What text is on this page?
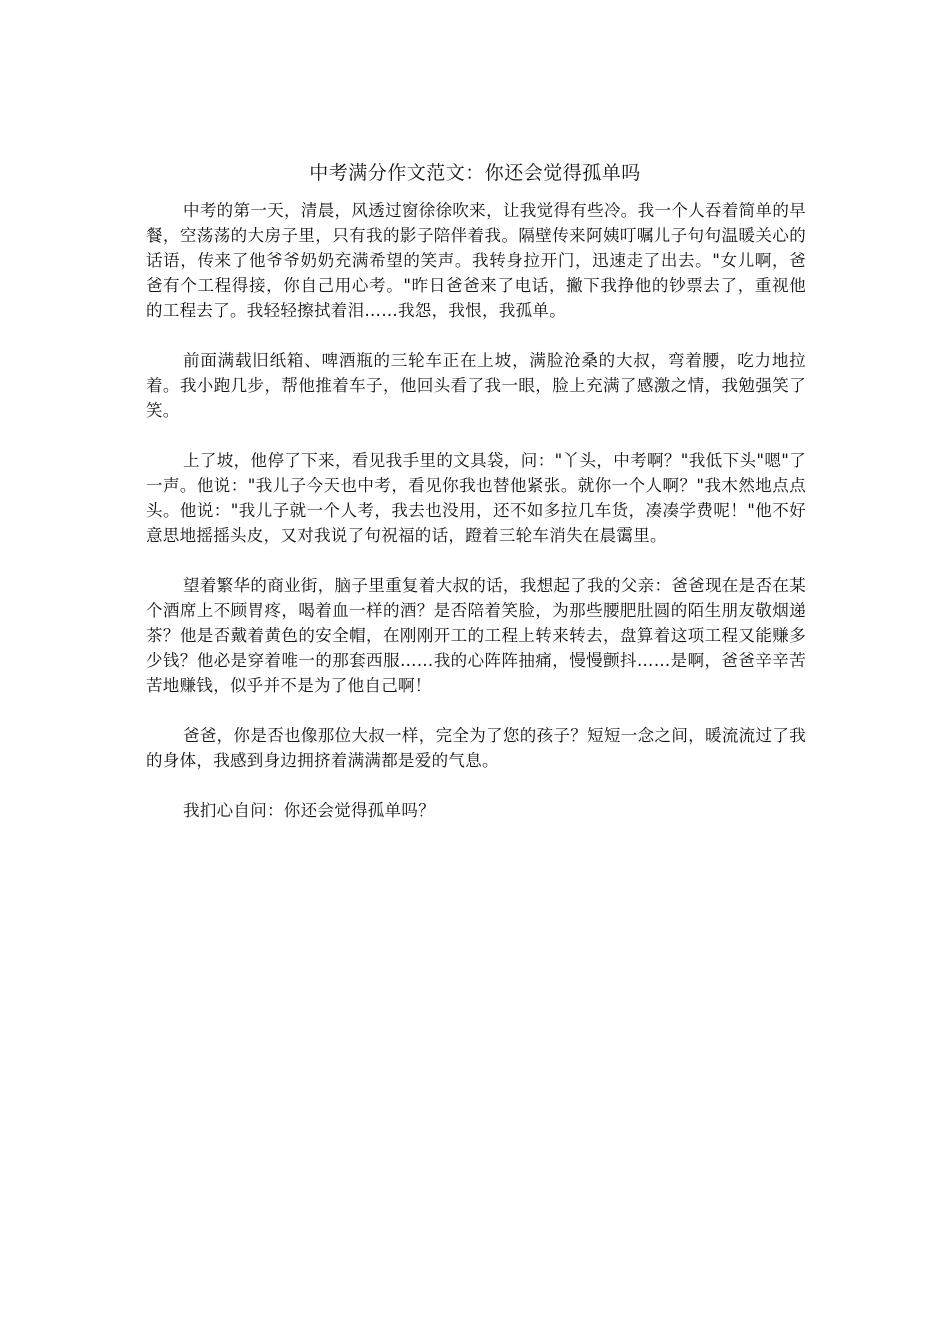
中考满分作文范文：你还会觉得孤单吗

中考的第一天，清晨，风透过窗徐徐吹来，让我觉得有些冷。我一个人吞着简单的早餐，空荡荡的大房子里，只有我的影子陪伴着我。隔壁传来阿姨叮嘱儿子句句温暖关心的话语，传来了他爷爷奶奶充满希望的笑声。我转身拉开门，迅速走了出去。"女儿啊，爸爸有个工程得接，你自己用心考。"昨日爸爸来了电话，撇下我挣他的钞票去了，重视他的工程去了。我轻轻擦拭着泪……我怨，我恨，我孤单。

前面满载旧纸箱、啤酒瓶的三轮车正在上坡，满脸沧桑的大叔，弯着腰，吃力地拉着。我小跑几步，帮他推着车子，他回头看了我一眼，脸上充满了感激之情，我勉强笑了笑。

上了坡，他停了下来，看见我手里的文具袋，问："丫头，中考啊？"我低下头"嗯"了一声。他说："我儿子今天也中考，看见你我也替他紧张。就你一个人啊？"我木然地点点头。他说："我儿子就一个人考，我去也没用，还不如多拉几车货，凑凑学费呢！"他不好意思地摇摇头皮，又对我说了句祝福的话，蹬着三轮车消失在晨霭里。

望着繁华的商业街，脑子里重复着大叔的话，我想起了我的父亲：爸爸现在是否在某个酒席上不顾胃疼，喝着血一样的酒？是否陪着笑脸，为那些腰肥肚圆的陌生朋友敬烟递茶？他是否戴着黄色的安全帽，在刚刚开工的工程上转来转去，盘算着这项工程又能赚多少钱？他必是穿着唯一的那套西服……我的心阵阵抽痛，慢慢颤抖……是啊，爸爸辛辛苦苦地赚钱，似乎并不是为了他自己啊！

爸爸，你是否也像那位大叔一样，完全为了您的孩子？短短一念之间，暖流流过了我的身体，我感到身边拥挤着满满都是爱的气息。

我扪心自问：你还会觉得孤单吗？
